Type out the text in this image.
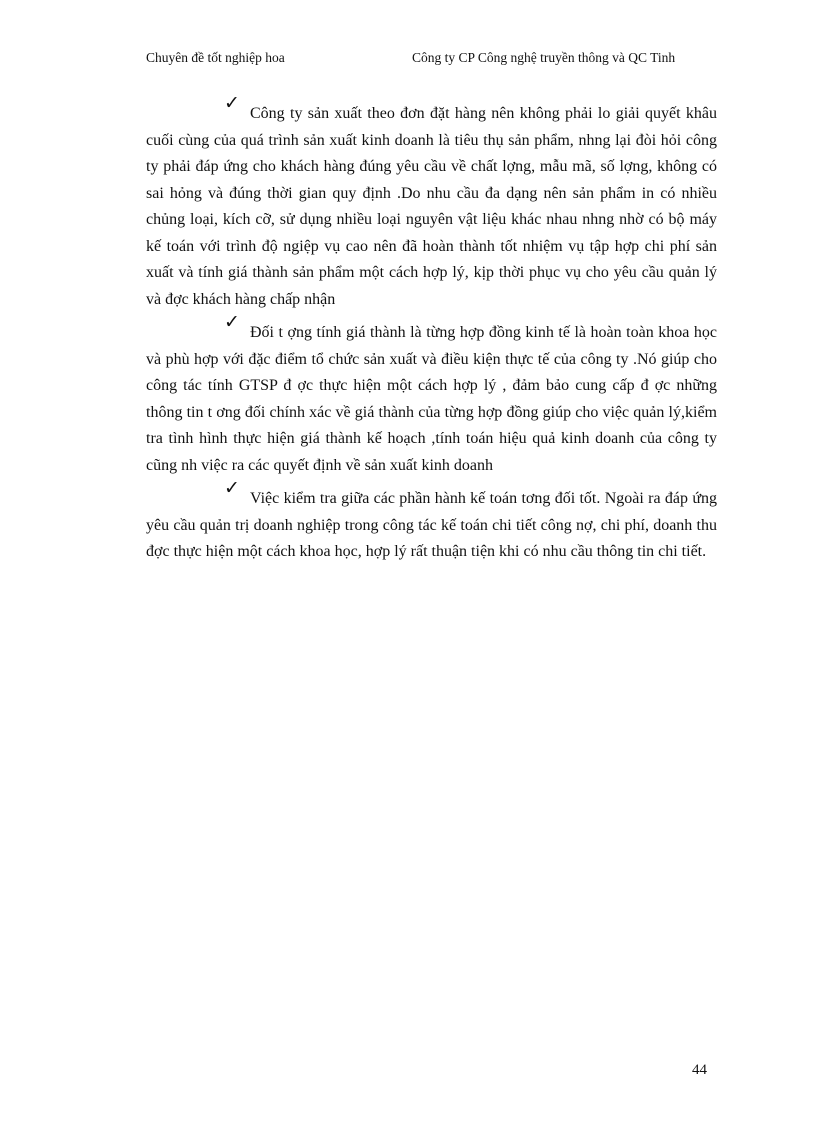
Chuyên đề tốt nghiệp hoa	Công ty CP Công nghệ truyền thông và QC Tinh

✓ Công ty sản xuất theo đơn đặt hàng nên không phải lo giải quyết khâu cuối cùng của quá trình sản xuất kinh doanh là tiêu thụ sản phẩm, nhng lại đòi hỏi công ty phải đáp ứng cho khách hàng đúng yêu cầu về chất lợng, mẫu mã, số lợng, không có sai hỏng và đúng thời gian quy định .Do nhu cầu đa dạng nên sản phẩm in có nhiều chủng loại, kích cỡ, sử dụng nhiều loại nguyên vật liệu khác nhau nhng nhờ có bộ máy kế toán với trình độ ngiệp vụ cao nên đã hoàn thành tốt nhiệm vụ tập hợp chi phí sản xuất và tính giá thành sản phẩm một cách hợp lý, kịp thời phục vụ cho yêu cầu quản lý và đợc khách hàng chấp nhận

✓ Đối t ợng tính giá thành là từng hợp đồng kinh tế là hoàn toàn khoa học và phù hợp với đặc điểm tổ chức sản xuất và điều kiện thực tế của công ty .Nó giúp cho công tác tính GTSP đ ợc thực hiện một cách hợp lý , đảm bảo cung cấp đ ợc những thông tin t ơng đối chính xác về giá thành của từng hợp đồng giúp cho việc quản lý,kiểm tra tình hình thực hiện giá thành kế hoạch ,tính toán hiệu quả kinh doanh của công ty cũng nh việc ra các quyết định về sản xuất kinh doanh

✓ Việc kiểm tra giữa các phần hành kế toán tơng đối tốt. Ngoài ra đáp ứng yêu cầu quản trị doanh nghiệp trong công tác kế toán chi tiết công nợ, chi phí, doanh thu đợc thực hiện một cách khoa học, hợp lý rất thuận tiện khi có nhu cầu thông tin chi tiết.

44
